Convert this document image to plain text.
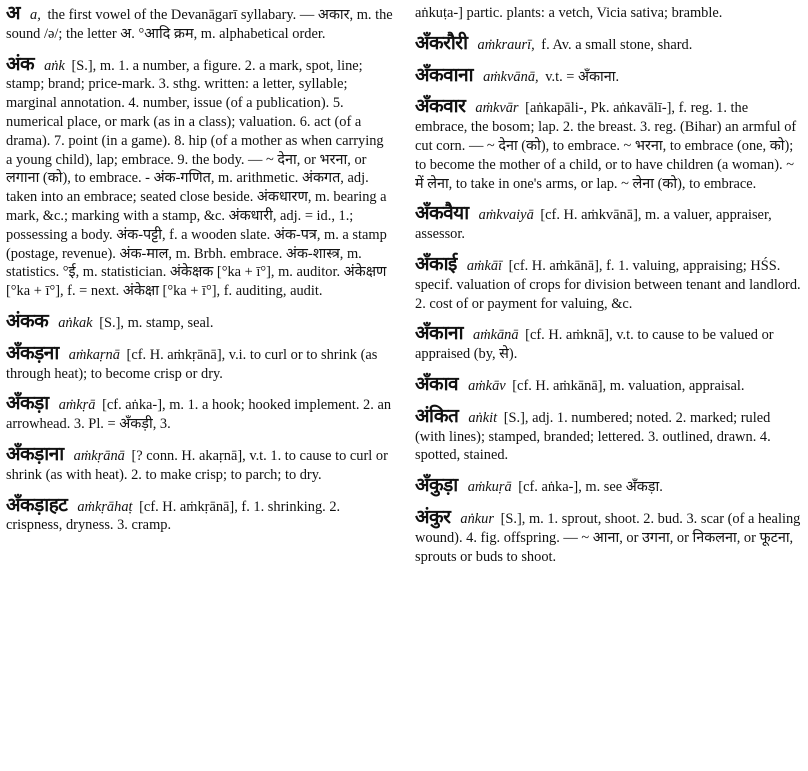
अ a, the first vowel of the Devanāgarī syllabary. — अकार, m. the sound /ə/; the letter अ. °आदि क्रम, m. alphabetical order.
अंक aṅk [S.], m. 1. a number, a figure. 2. a mark, spot, line; stamp; brand; price-mark. 3. sthg. written: a letter, syllable; marginal annotation. 4. number, issue (of a publication). 5. numerical place, or mark (as in a class); valuation. 6. act (of a drama). 7. point (in a game). 8. hip (of a mother as when carrying a young child), lap; embrace. 9. the body. — ~ देना, or भरना, or लगाना (को), to embrace. - अंक-गणित, m. arithmetic. अंकगत, adj. taken into an embrace; seated close beside. अंकधारण, m. bearing a mark, &c.; marking with a stamp, &c. अंकधारी, adj. = id., 1.; possessing a body. अंक-पट्टी, f. a wooden slate. अंक-पत्र, m. a stamp (postage, revenue). अंक-माल, m. Brbh. embrace. अंक-शास्त्र, m. statistics. °ई, m. statistician. अंकेक्षक [°ka + ī°], m. auditor. अंकेक्षण [°ka + ī°], f. = next. अंकेक्षा [°ka + ī°], f. auditing, audit.
अंकक aṅkak [S.], m. stamp, seal.
अँकड़ना aṁkaṛnā [cf. H. aṁkṛānā], v.i. to curl or to shrink (as through heat); to become crisp or dry.
अँकड़ा aṁkṛā [cf. aṅka-], m. 1. a hook; hooked implement. 2. an arrowhead. 3. Pl. = अँकड़ी, 3.
अँकड़ाना aṁkṛānā [? conn. H. akaṛnā], v.t. 1. to cause to curl or shrink (as with heat). 2. to make crisp; to parch; to dry.
अँकड़ाहट aṁkṛāhaṭ [cf. H. aṁkṛānā], f. 1. shrinking. 2. crispness, dryness. 3. cramp.
aṅkuṭa-] partic. plants: a vetch, Vicia sativa; bramble.
अँकरौरी aṁkraurī, f. Av. a small stone, shard.
अँकवाना aṁkvānā, v.t. = अँकाना.
अँकवार aṁkvār [aṅkapāli-, Pk. aṅkavālī-], f. reg. 1. the embrace, the bosom; lap. 2. the breast. 3. reg. (Bihar) an armful of cut corn. — ~ देना (को), to embrace. ~ भरना, to embrace (one, को); to become the mother of a child, or to have children (a woman). ~ में लेना, to take in one's arms, or lap. ~ लेना (को), to embrace.
अँकवैया aṁkvaiyā [cf. H. aṁkvānā], m. a valuer, appraiser, assessor.
अँकाई aṁkāī [cf. H. aṁkānā], f. 1. valuing, appraising; HŚS. specif. valuation of crops for division between tenant and landlord. 2. cost of or payment for valuing, &c.
अँकाना aṁkānā [cf. H. aṁknā], v.t. to cause to be valued or appraised (by, से).
अँकाव aṁkāv [cf. H. aṁkānā], m. valuation, appraisal.
अंकित aṅkit [S.], adj. 1. numbered; noted. 2. marked; ruled (with lines); stamped, branded; lettered. 3. outlined, drawn. 4. spotted, stained.
अँकुड़ा aṁkuṛā [cf. aṅka-], m. see अँकड़ा.
अंकुर aṅkur [S.], m. 1. sprout, shoot. 2. bud. 3. scar (of a healing wound). 4. fig. offspring. — ~ आना, or उगना, or निकलना, or फूटना, sprouts or buds to shoot.
